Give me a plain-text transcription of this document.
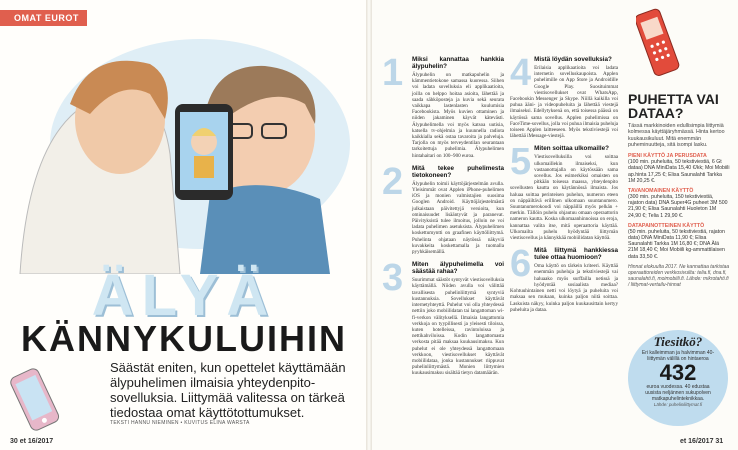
OMAT EUROT
ÄLYÄ
KÄNNYKULUIHIN
Säästät eniten, kun opettelet käyttämään älypuhelimen ilmaisia yhteydenpito-sovelluksia. Liittymää valitessa on tärkeä tiedostaa omat käyttötottumukset.
TEKSTI HANNU NIEMINEN • KUVITUS ELINA WARSTA
30 et 16/2017
1 Miksi kannattaa hankkia älypuhelin?
Älypuhelin on matkapuhelin ja kämmentietokone samassa kuoressa. Siihen voi ladata sovelluksia eli applikaatioita, joilla on helppo hoitaa asioita, lähettää ja saada sähköposteja ja kuvia sekä seurata vaikkapa lastenlasten kuulumisia Facebookista. Myös kuvien ottaminen ja niiden jakaminen käyvät kätevästi. Älypuhelimella voi myös katsoa uutisia, katsella tv-ohjelmia ja kuunnella radiota kaikkialla sekä ostaa tavaroita ja palveluja. Tarjolla on myös terveydentilan seurantaan tarkoitettuja puhelimia. Älypuhelimen hintahaitari on 100–900 euroa.
2 Mitä tekee puhelimesta tietokoneen?
Älypuhelin toimii käyttöjärjestelmän avulla. Yleisimmät ovat Applen iPhone-puhelimen iOS ja monien valmistajien suosima Googlen Android. Käyttöjärjestelmästä julkaistaan päivitettyjä versioita, kun ominaisuudet lisääntyvät ja paranevat. Päivityksistä tulee ilmoitus, jolloin ne voi ladata puhelimen asetuksista. Älypuhelimen koskettumyntti on graafinen käyttöliittymä. Puhelinta ohjataan näytössä näkyviä kuvakkeita koskettamalla ja tuomalla pyyhkäisemällä.
3 Miten älypuhelimella voi säästää rahaa?
Suurimmat säästöt syntyvät viestisovelluksia käyttämällä. Niiden avulla voi välittää tavallisesta puhelinliittymä syntyviä kustannuksia. Sovellukset käyttävät internetyhteyttä. Puhelut voi olla yhteydessä nettiin joko mobiilidatan tai langattoman wi-fi-verkon välityksellä. Ilmaisia langattomia verkkoja on tyypillisesti ja yleisesti tiloissa, kuten hotelleissa, ravintoloissa ja nettikahviloissa. Kodin langattomasta verkosta pitää maksaa kuukausimaksu. Kun puhelut ei ole yhteydessä langattomaan verkkoon, viestisovellukset käyttävät mobiilidataa, jonka kustannukset riippuvat puhelinliittymästä. Monien liittymien kuukausimaksu sisältää tietyn datamäärän.
4 Mistä löydän sovelluksia?
Erilaisia applikaatioita voi ladata internetin sovelluskaupoista. Applen puhelimille on App Store ja Androidille Google Play. Suosituimmat viestisovellukset ovat WhatsApp, Facebookin Messenger ja Skype. Niillä kaikilla voi puhua ääni- ja videopuheluita ja lähettää viestejä ilmaiseksi. Edellytyksenä on, että toisessa päässä on käytössä sama sovellus. Applen puhelimissa on FaceTime-sovellus, jolla voi puhua ilmaisia puheluja toiseen Applen laitteeseen. Myös tekstiviestejä voi lähettää iMessage-viestejä.
5 Miten soittaa ulkomaille?
Viestisovelluksilla voi soittaa ulkomaillekin ilmaiseksi, kun vastaanottajalla on käytössään sama sovellus. Jos esimerkiksi omaisten on pitkään toisessa maassa, yhteydenpito sovellusten kautta on käytännössä ilmaista. Jos haluaa soittaa perinteisen puhelun, numeron eteen on näppäiltävä erillinen ulkomaan suuntanumero. Suuntanumerokoodi voi näppäillä myös pelkän + merkin. Tällöin puhelu ohjautuu omaan operaattorin nameron kautta. Koska ulkomaanhinnoissa on eroja, kannattaa valita itse, mitä operaattoria käyttää. Ulkomailta puhelu hyödyntää liittymän viestisovellus ja kännykkää mobiilidatan käyttöä.
6 Mitä liittymä hankkiessa tulee ottaa huomioon?
Oma käyttö on tärkein kriteeri. Käyttää enemmän puheluja ja tekstiviestejä vai haluaako myös surffailla netissä ja hyödyntää sosiaalista mediaa? Kohtuuhintainen netti voi löytyä ja puheluita voi maksaa sen mukaan, kuinka paljon niitä soittaa. Laskuista näkyy, kuinka paljon kuukausittain kertyy puheluita ja dataa.
PUHETTA VAI DATAA?
Tässä markkinoiden edullisimpia liittymiä kolmessa käyttäjäryhmässä. Hinta kertoo kuukausikuluut. Mitä enemmän puheminuutteja, sitä isompi lasku.
PIENI KÄYTTÖ JA PERUSDATA
(100 min. puheluita, 50 tekstiviestiä, 6 Gt dataa) DNA MiniData 15,40 €/kk; Moi Mobiili ap.hinta 17,25 €; Elisa Saunalahti Tarkka 1M 20,25 €.
TAVANOMAINEN KÄYTTÖ
(300 min. puheluita, 150 tekstiviestiä, rajaton data) DNA Super4G puheet 3M 500 21,90 €; Elisa Saunalahti Huoleton 1M 24,90 €; Telia 1 29,90 €.
DATAPAINOTTEINEN KÄYTTÖ
(50 min. puheluita, 50 tekstiviestiä, rajaton data) DNA MiniData 11,90 €; Elisa Saunalahti Tarkka 1M 16,80 €; DNA Älä 21M 18,40 €; Moi Mobiili kg-ammattilaisen data 33,50 €.
Hinnat elokuulta 2017. Ne kannattaa tarkistaa operaattoreiden verkkosivuilta: telia.fi, dna.fi, saunalahti.fi, moimobiili.fi. Lähde: mikrotahti.fi / liittymat-vertailu-hinnat
Tiesitkö?
Eri kalleimman ja halvimman 40-liittymän välillä on hintaeroa
432
euroa vuodessa. 40 edustaa uusista neljännen sukupolven matkapuhelinteknikkaa.
Lähde: puhelinliittymat.fi
et 16/2017 31
